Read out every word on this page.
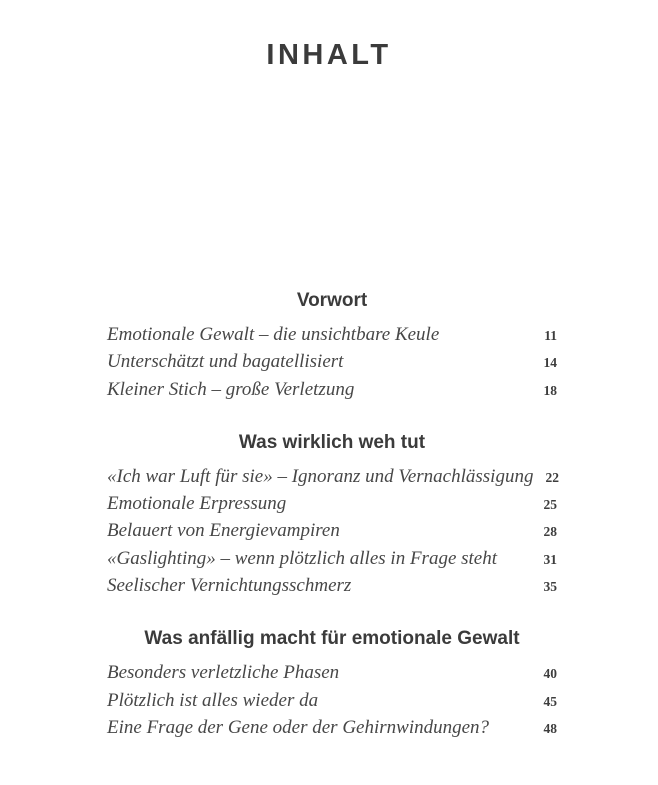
INHALT
Vorwort
Emotionale Gewalt – die unsichtbare Keule	11
Unterschätzt und bagatellisiert	14
Kleiner Stich – große Verletzung	18
Was wirklich weh tut
«Ich war Luft für sie» – Ignoranz und Vernachlässigung 22
Emotionale Erpressung	25
Belauert von Energievampiren	28
«Gaslighting» – wenn plötzlich alles in Frage steht	31
Seelischer Vernichtungsschmerz	35
Was anfällig macht für emotionale Gewalt
Besonders verletzliche Phasen	40
Plötzlich ist alles wieder da	45
Eine Frage der Gene oder der Gehirnwindungen?	48
